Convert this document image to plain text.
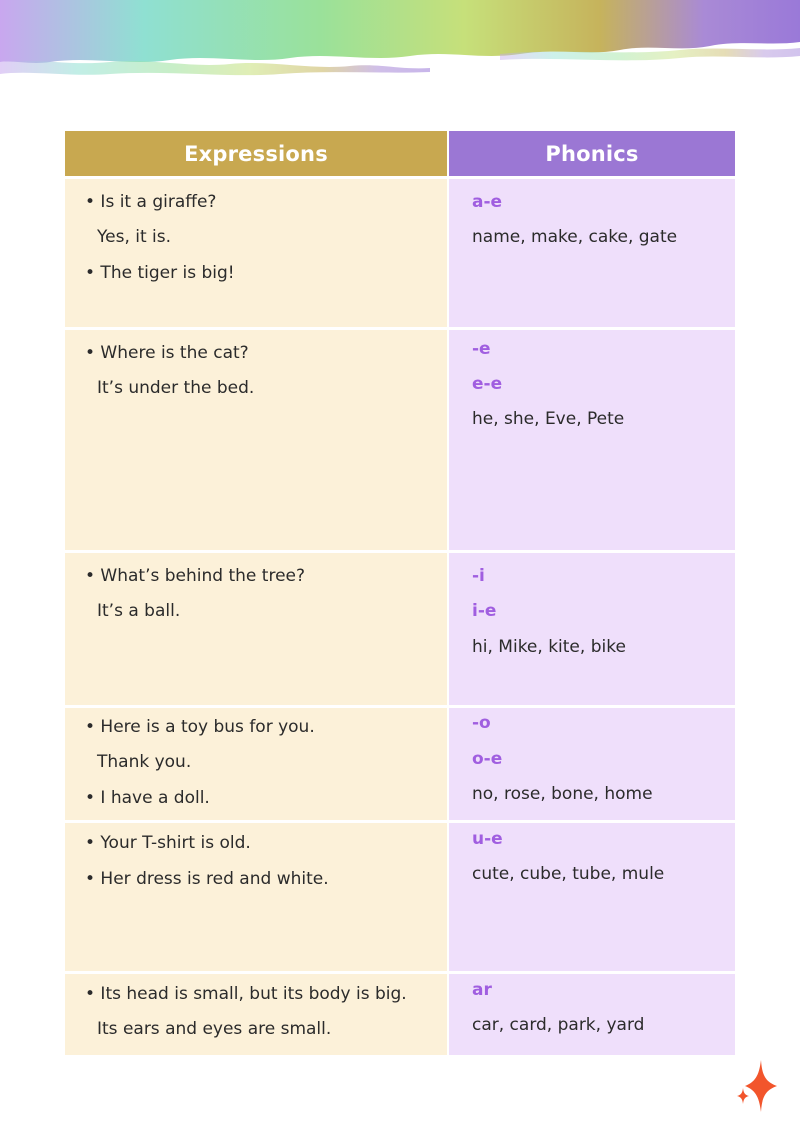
Expressions	Phonics
• Is it a giraffe?
Yes, it is.
• The tiger is big!
a-e
name, make, cake, gate
• Where is the cat?
It’s under the bed.
-e
e-e
he, she, Eve, Pete
• What’s behind the tree?
It’s a ball.
-i
i-e
hi, Mike, kite, bike
• Here is a toy bus for you.
Thank you.
• I have a doll.
-o
o-e
no, rose, bone, home
• Your T-shirt is old.
• Her dress is red and white.
u-e
cute, cube, tube, mule
• Its head is small, but its body is big.
Its ears and eyes are small.
ar
car, card, park, yard
